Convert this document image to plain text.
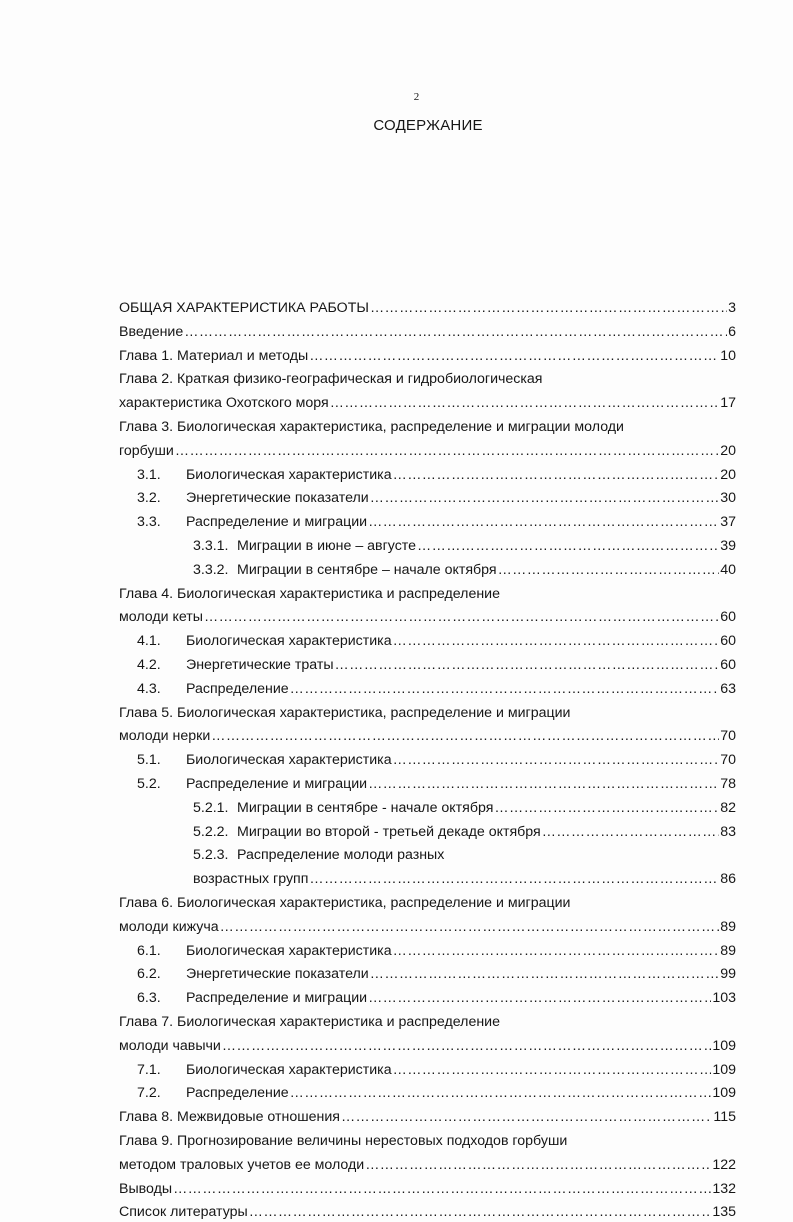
2
СОДЕРЖАНИЕ
ОБЩАЯ ХАРАКТЕРИСТИКА РАБОТЫ	3
……………………………………………………………………………………………………………………………………………………………………………………………………
Введение	6
……………………………………………………………………………………………………………………………………………………………………………………………………
Глава 1. Материал и методы	10
……………………………………………………………………………………………………………………………………………………………………………………………………
Глава 2. Краткая физико-географическая и гидробиологическая
характеристика Охотского моря	17
……………………………………………………………………………………………………………………………………………………………………………………………………
Глава 3. Биологическая характеристика, распределение и миграции молоди
горбуши	20
……………………………………………………………………………………………………………………………………………………………………………………………………
3.1. Биологическая характеристика	20
……………………………………………………………………………………………………………………………………………………………………………………………………
3.2. Энергетические показатели	30
……………………………………………………………………………………………………………………………………………………………………………………………………
3.3. Распределение и миграции	37
……………………………………………………………………………………………………………………………………………………………………………………………………
3.3.1. Миграции в июне – августе	39
……………………………………………………………………………………………………………………………………………………………………………………………………
3.3.2. Миграции в сентябре – начале октября	40
……………………………………………………………………………………………………………………………………………………………………………………………………
Глава 4. Биологическая характеристика и распределение
молоди кеты	60
……………………………………………………………………………………………………………………………………………………………………………………………………
4.1. Биологическая характеристика	60
……………………………………………………………………………………………………………………………………………………………………………………………………
4.2. Энергетические траты	60
……………………………………………………………………………………………………………………………………………………………………………………………………
4.3. Распределение	63
……………………………………………………………………………………………………………………………………………………………………………………………………
Глава 5. Биологическая характеристика, распределение и миграции
молоди нерки	70
……………………………………………………………………………………………………………………………………………………………………………………………………
5.1. Биологическая характеристика	70
……………………………………………………………………………………………………………………………………………………………………………………………………
5.2. Распределение и миграции	78
……………………………………………………………………………………………………………………………………………………………………………………………………
5.2.1. Миграции в сентябре - начале октября	82
……………………………………………………………………………………………………………………………………………………………………………………………………
5.2.2. Миграции во второй - третьей декаде октября	83
……………………………………………………………………………………………………………………………………………………………………………………………………
5.2.3. Распределение молоди разных
возрастных групп	86
……………………………………………………………………………………………………………………………………………………………………………………………………
Глава 6. Биологическая характеристика, распределение и миграции
молоди кижуча	89
……………………………………………………………………………………………………………………………………………………………………………………………………
6.1. Биологическая характеристика	89
……………………………………………………………………………………………………………………………………………………………………………………………………
6.2. Энергетические показатели	99
……………………………………………………………………………………………………………………………………………………………………………………………………
6.3. Распределение и миграции	103
……………………………………………………………………………………………………………………………………………………………………………………………………
Глава 7. Биологическая характеристика и распределение
молоди чавычи	109
……………………………………………………………………………………………………………………………………………………………………………………………………
7.1. Биологическая характеристика	109
……………………………………………………………………………………………………………………………………………………………………………………………………
7.2. Распределение	109
……………………………………………………………………………………………………………………………………………………………………………………………………
Глава 8. Межвидовые отношения	115
……………………………………………………………………………………………………………………………………………………………………………………………………
Глава 9. Прогнозирование величины нерестовых подходов горбуши
методом траловых учетов ее молоди	122
……………………………………………………………………………………………………………………………………………………………………………………………………
Выводы	132
……………………………………………………………………………………………………………………………………………………………………………………………………
Список литературы	135
……………………………………………………………………………………………………………………………………………………………………………………………………
